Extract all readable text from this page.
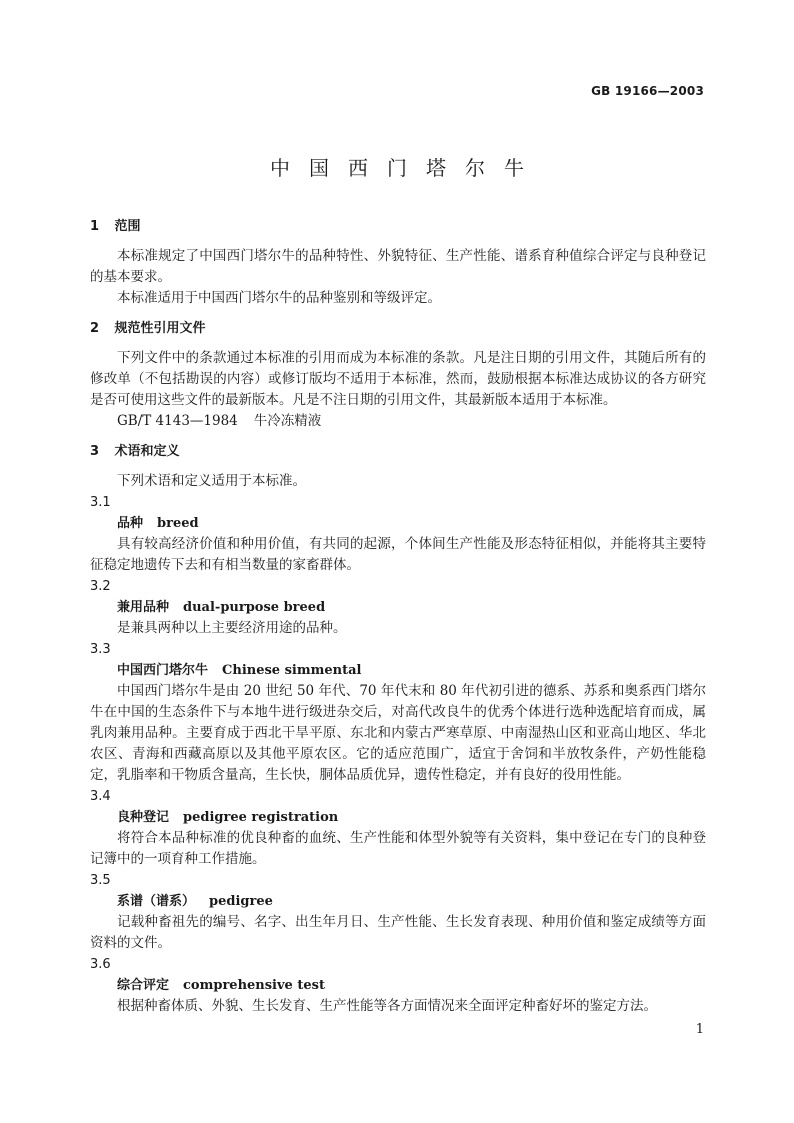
GB 19166—2003
中国西门塔尔牛
1 范围

本标准规定了中国西门塔尔牛的品种特性、外貌特征、生产性能、谱系育种值综合评定与良种登记的基本要求。

本标准适用于中国西门塔尔牛的品种鉴别和等级评定。

2 规范性引用文件

下列文件中的条款通过本标准的引用而成为本标准的条款。凡是注日期的引用文件，其随后所有的修改单（不包括勘误的内容）或修订版均不适用于本标准，然而，鼓励根据本标准达成协议的各方研究是否可使用这些文件的最新版本。凡是不注日期的引用文件，其最新版本适用于本标准。

GB/T 4143—1984 牛冷冻精液

3 术语和定义

下列术语和定义适用于本标准。

3.1

品种 breed

具有较高经济价值和种用价值，有共同的起源，个体间生产性能及形态特征相似，并能将其主要特征稳定地遗传下去和有相当数量的家畜群体。

3.2

兼用品种 dual-purpose breed

是兼具两种以上主要经济用途的品种。

3.3

中国西门塔尔牛 Chinese simmental

中国西门塔尔牛是由 20 世纪 50 年代、70 年代末和 80 年代初引进的德系、苏系和奥系西门塔尔牛在中国的生态条件下与本地牛进行级进杂交后，对高代改良牛的优秀个体进行选种选配培育而成，属乳肉兼用品种。主要育成于西北干旱平原、东北和内蒙古严寒草原、中南湿热山区和亚高山地区、华北农区、青海和西藏高原以及其他平原农区。它的适应范围广，适宜于舍饲和半放牧条件，产奶性能稳定，乳脂率和干物质含量高，生长快，胴体品质优异，遗传性稳定，并有良好的役用性能。

3.4

良种登记 pedigree registration

将符合本品种标准的优良种畜的血统、生产性能和体型外貌等有关资料，集中登记在专门的良种登记簿中的一项育种工作措施。

3.5

系谱（谱系） pedigree

记载种畜祖先的编号、名字、出生年月日、生产性能、生长发育表现、种用价值和鉴定成绩等方面资料的文件。

3.6

综合评定 comprehensive test

根据种畜体质、外貌、生长发育、生产性能等各方面情况来全面评定种畜好坏的鉴定方法。

1
